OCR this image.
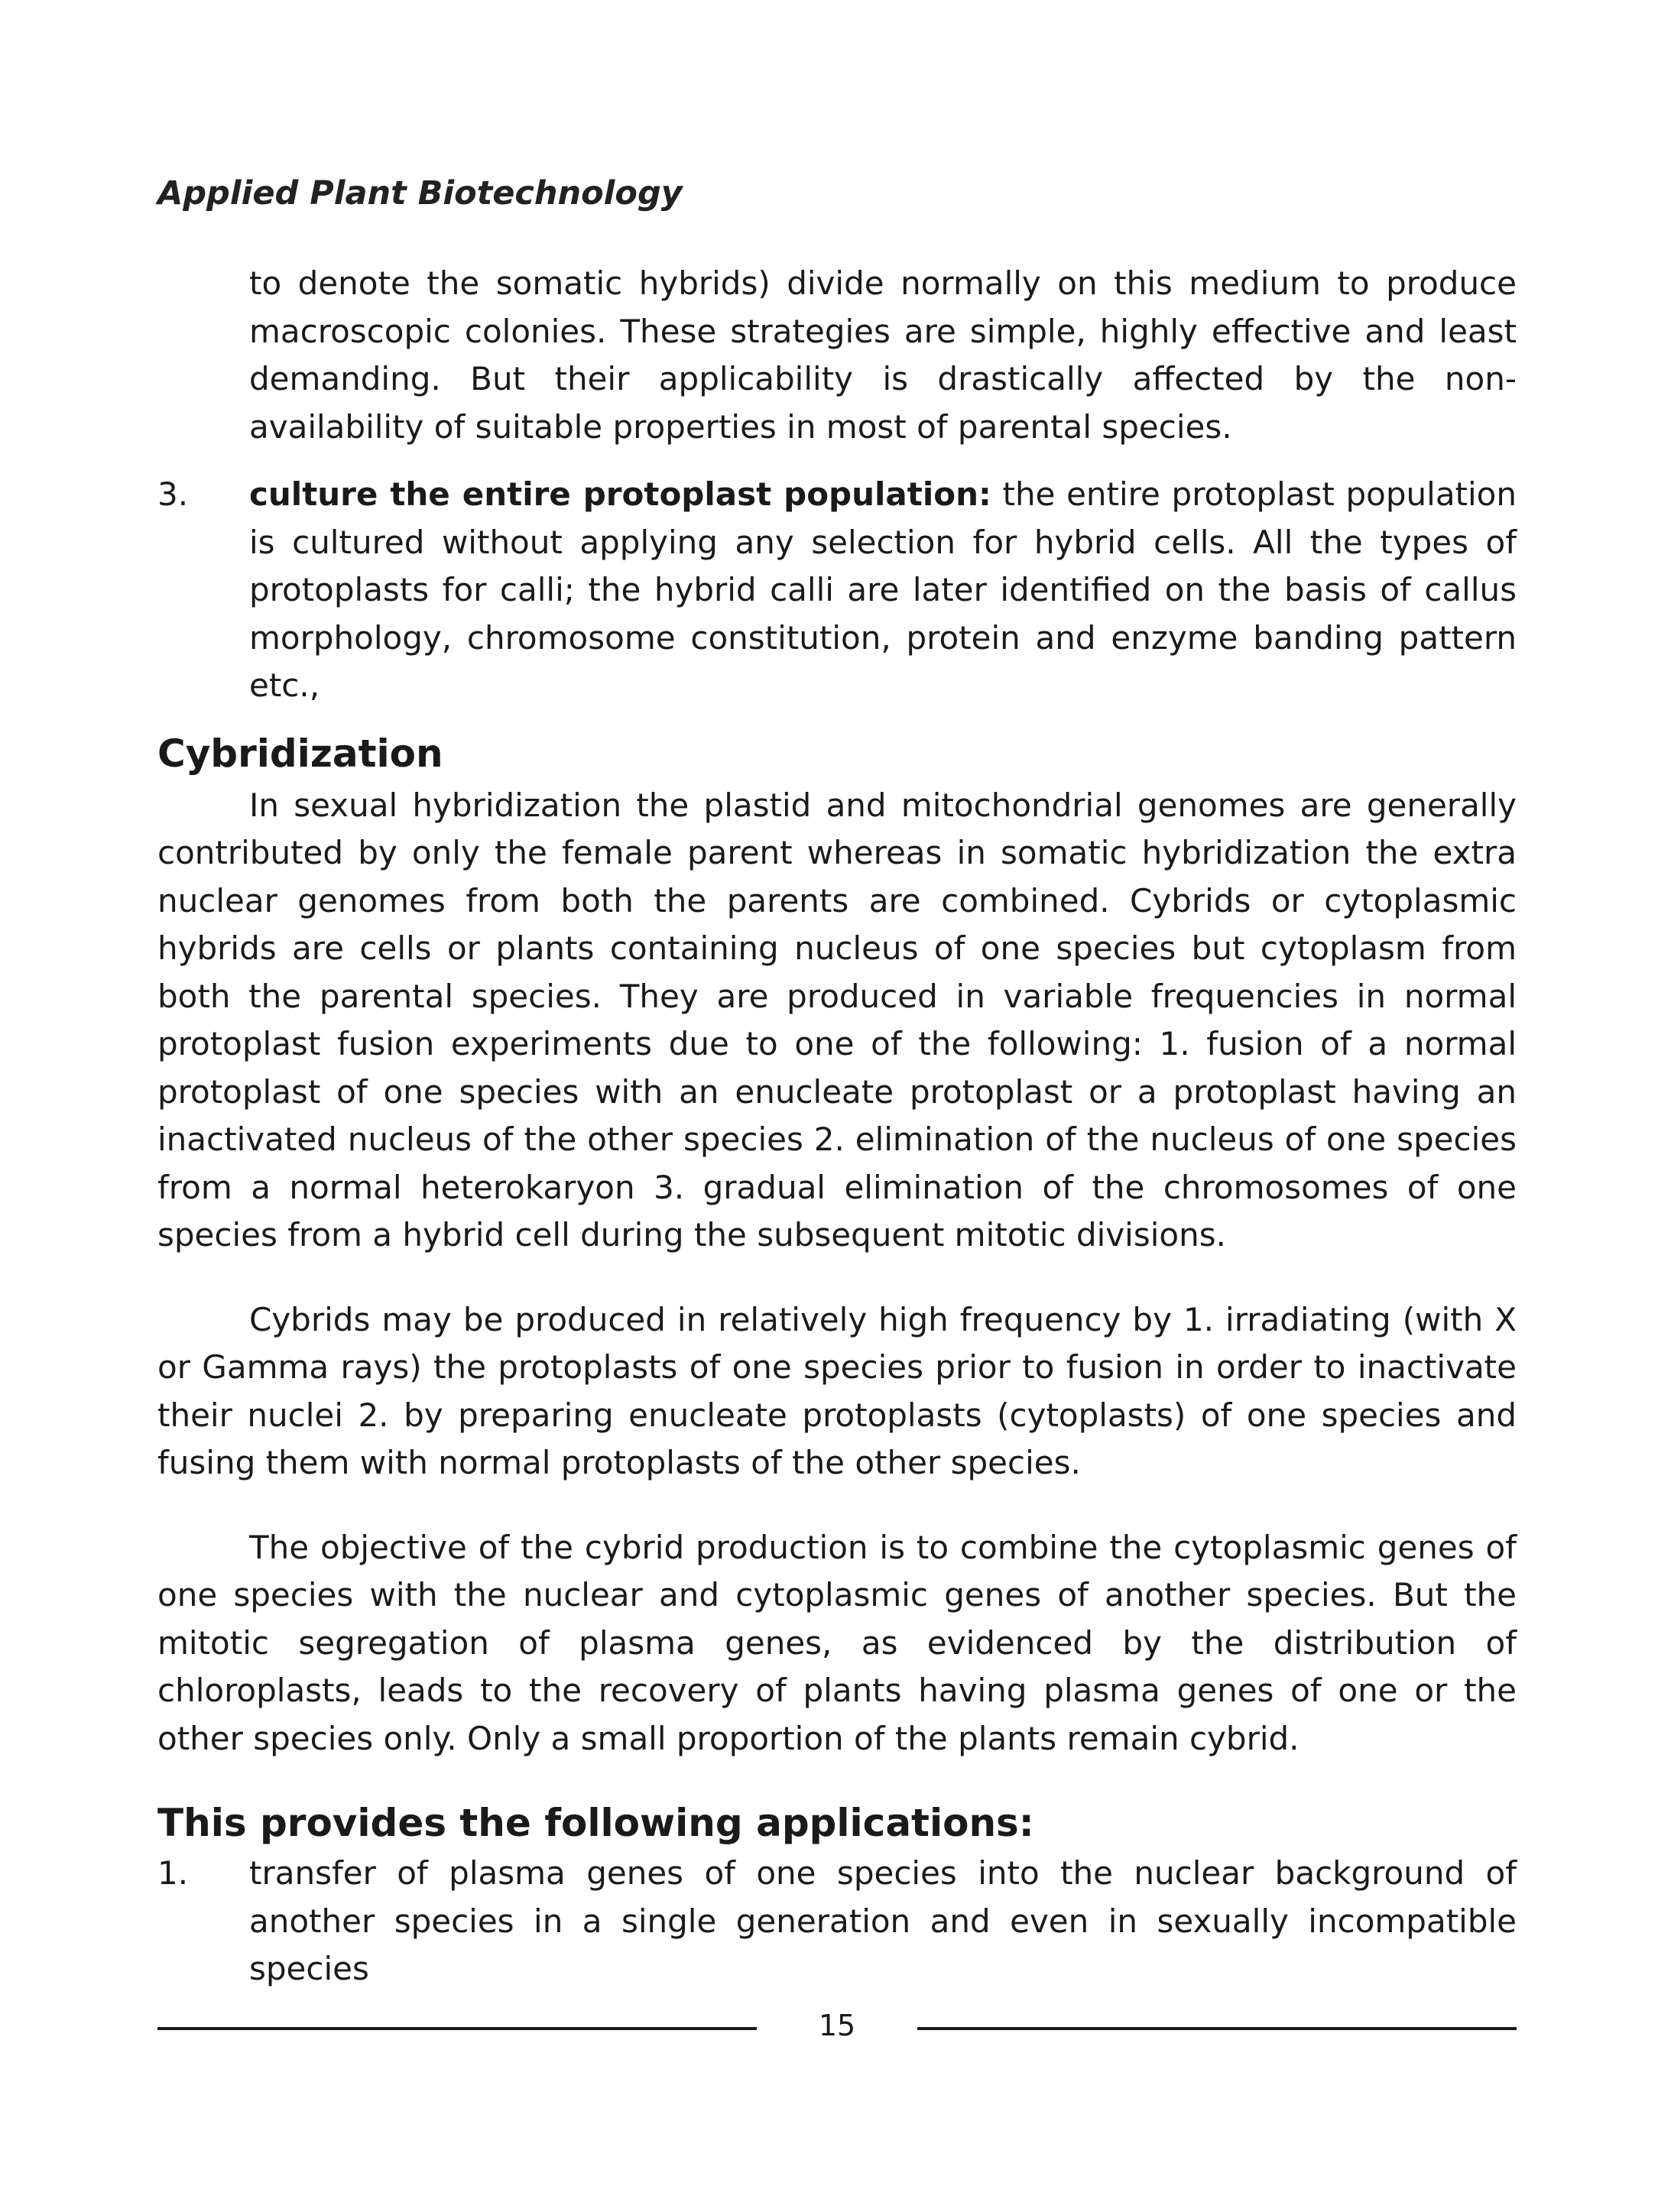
Applied Plant Biotechnology

to denote the somatic hybrids) divide normally on this medium to produce macroscopic colonies. These strategies are simple, highly effective and least demanding. But their applicability is drastically affected by the non-availability of suitable properties in most of parental species.

3. culture the entire protoplast population: the entire protoplast population is cultured without applying any selection for hybrid cells. All the types of protoplasts for calli; the hybrid calli are later identified on the basis of callus morphology, chromosome constitution, protein and enzyme banding pattern etc.,

Cybridization

In sexual hybridization the plastid and mitochondrial genomes are generally contributed by only the female parent whereas in somatic hybridization the extra nuclear genomes from both the parents are combined. Cybrids or cytoplasmic hybrids are cells or plants containing nucleus of one species but cytoplasm from both the parental species. They are produced in variable frequencies in normal protoplast fusion experiments due to one of the following: 1. fusion of a normal protoplast of one species with an enucleate protoplast or a protoplast having an inactivated nucleus of the other species 2. elimination of the nucleus of one species from a normal heterokaryon 3. gradual elimination of the chromosomes of one species from a hybrid cell during the subsequent mitotic divisions.

Cybrids may be produced in relatively high frequency by 1. irradiating (with X or Gamma rays) the protoplasts of one species prior to fusion in order to inactivate their nuclei 2. by preparing enucleate protoplasts (cytoplasts) of one species and fusing them with normal protoplasts of the other species.

The objective of the cybrid production is to combine the cytoplasmic genes of one species with the nuclear and cytoplasmic genes of another species. But the mitotic segregation of plasma genes, as evidenced by the distribution of chloroplasts, leads to the recovery of plants having plasma genes of one or the other species only. Only a small proportion of the plants remain cybrid.

This provides the following applications:

1. transfer of plasma genes of one species into the nuclear background of another species in a single generation and even in sexually incompatible species

15
